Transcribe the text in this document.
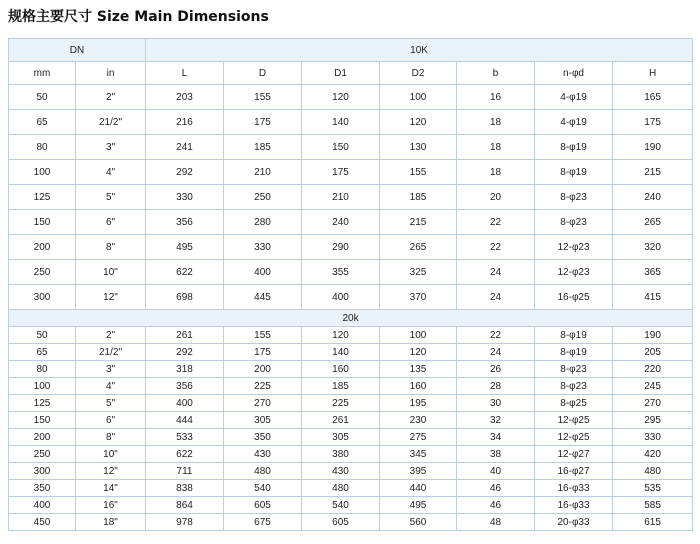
规格主要尺寸 Size Main Dimensions
DN		10K						
mm	in	L	D	D1	D2	b	n-φd	H
50	2"	203	155	120	100	16	4-φ19	165
65	21/2"	216	175	140	120	18	4-φ19	175
80	3"	241	185	150	130	18	8-φ19	190
100	4"	292	210	175	155	18	8-φ19	215
125	5"	330	250	210	185	20	8-φ23	240
150	6"	356	280	240	215	22	8-φ23	265
200	8"	495	330	290	265	22	12-φ23	320
250	10"	622	400	355	325	24	12-φ23	365
300	12"	698	445	400	370	24	16-φ25	415
20k								
50	2"	261	155	120	100	22	8-φ19	190
65	21/2"	292	175	140	120	24	8-φ19	205
80	3"	318	200	160	135	26	8-φ23	220
100	4"	356	225	185	160	28	8-φ23	245
125	5"	400	270	225	195	30	8-φ25	270
150	6"	444	305	261	230	32	12-φ25	295
200	8"	533	350	305	275	34	12-φ25	330
250	10"	622	430	380	345	38	12-φ27	420
300	12"	711	480	430	395	40	16-φ27	480
350	14"	838	540	480	440	46	16-φ33	535
400	16"	864	605	540	495	46	16-φ33	585
450	18"	978	675	605	560	48	20-φ33	615
